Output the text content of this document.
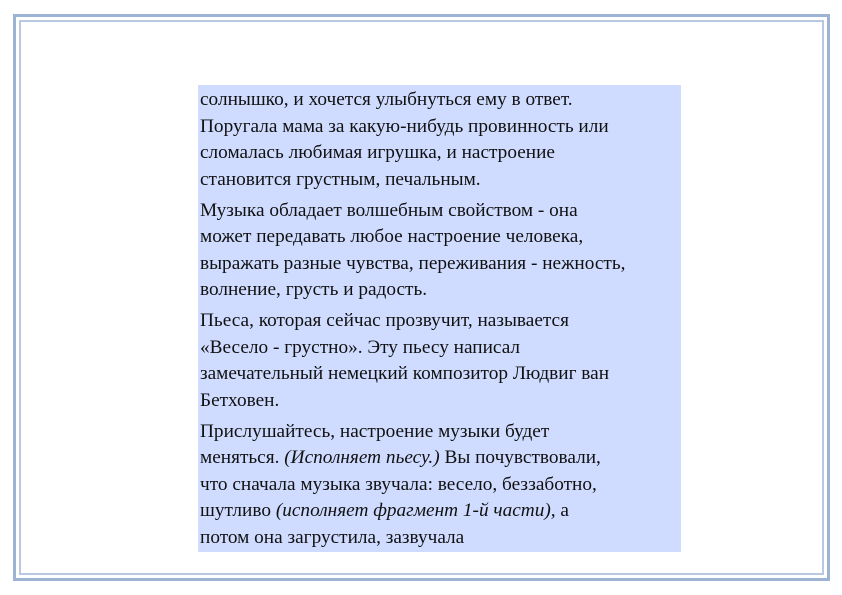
солнышко, и хочется улыбнуться ему в ответ.
Поругала мама за какую-нибудь провинность или
сломалась любимая игрушка, и настроение
становится грустным, печальным.
Музыка обладает волшебным свойством - она
может передавать любое настроение человека,
выражать разные чувства, переживания - нежность,
волнение, грусть и радость.
Пьеса, которая сейчас прозвучит, называется
«Весело - грустно». Эту пьесу написал
замечательный немецкий композитор Людвиг ван
Бетховен.
Прислушайтесь, настроение музыки будет
меняться. (Исполняет пьесу.) Вы почувствовали,
что сначала музыка звучала: весело, беззаботно,
шутливо (исполняет фрагмент 1-й части), а
потом она загрустила, зазвучала
